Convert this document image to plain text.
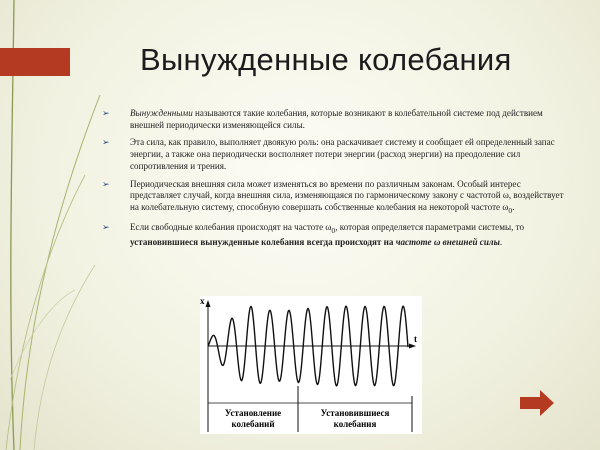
Вынужденные колебания
➢	Вынужденными называются такие колебания, которые возникают в колебательной системе под действием внешней периодически изменяющейся силы.
➢	Эта сила, как правило, выполняет двоякую роль: она раскачивает систему и сообщает ей определенный запас энергии, а также она периодически восполняет потери энергии (расход энергии) на преодоление сил сопротивления и трения.
➢	Периодическая внешняя сила может изменяться во времени по различным законам. Особый интерес представляет случай, когда внешняя сила, изменяющаяся по гармоническому закону с частотой ω, воздействует на колебательную систему, способную совершать собственные колебания на некоторой частоте $\omega_0$.
➢	Если свободные колебания происходят на частоте $\omega_0$, которая определяется параметрами системы, то установившиеся вынужденные колебания всегда происходят на частоте ω внешней силы.
x
t
Установление
колебаний
Установившиеся
колебания
